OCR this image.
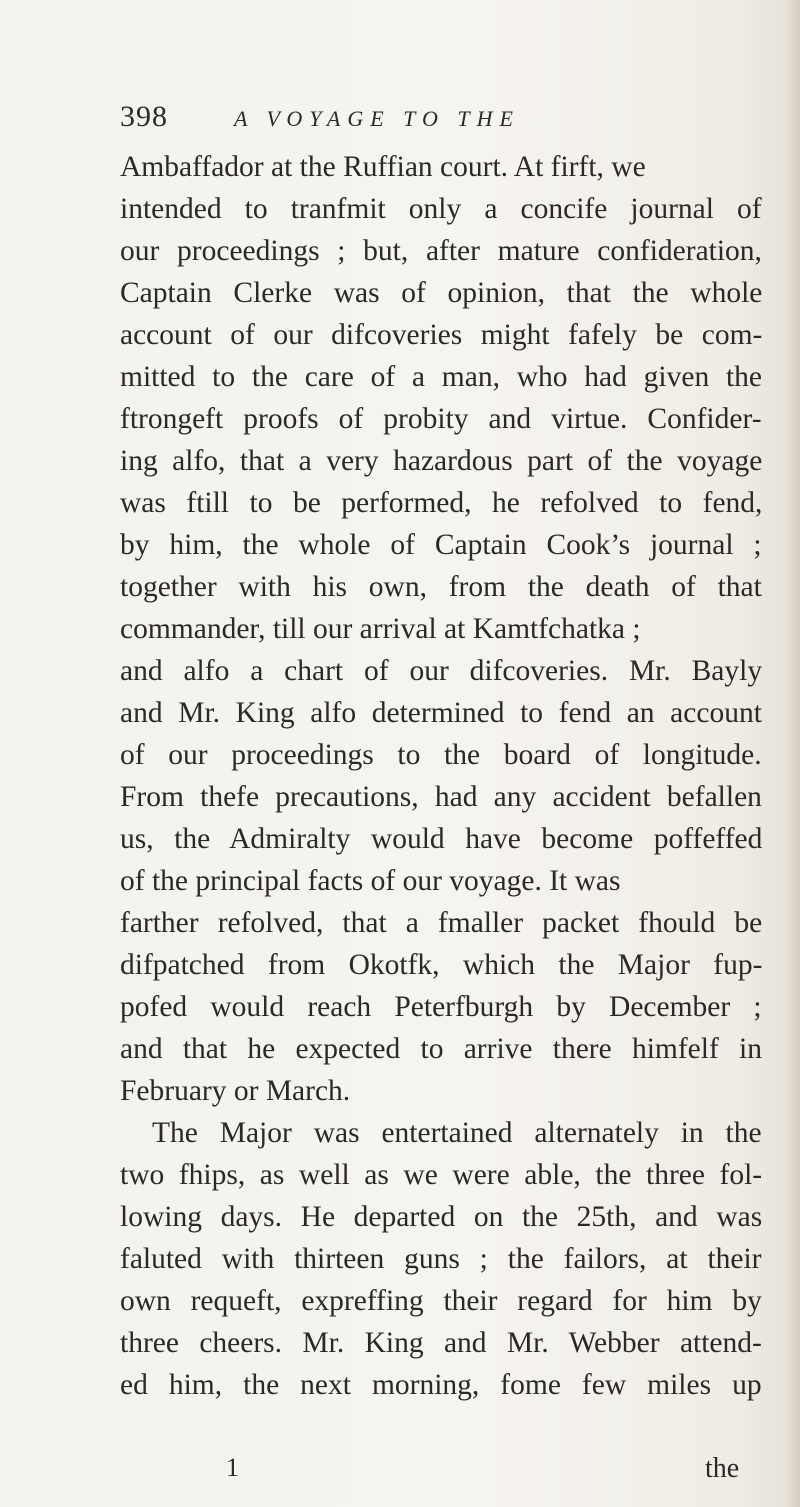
398	A VOYAGE TO THE
Ambaffador at the Ruffian court. At firft, we
intended to tranfmit only a concife journal of
our proceedings ; but, after mature confideration,
Captain Clerke was of opinion, that the whole
account of our difcoveries might fafely be com-
mitted to the care of a man, who had given the
ftrongeft proofs of probity and virtue. Confider-
ing alfo, that a very hazardous part of the voyage
was ftill to be performed, he refolved to fend,
by him, the whole of Captain Cook’s journal ;
together with his own, from the death of that
commander, till our arrival at Kamtfchatka ;
and alfo a chart of our difcoveries. Mr. Bayly
and Mr. King alfo determined to fend an account
of our proceedings to the board of longitude.
From thefe precautions, had any accident befallen
us, the Admiralty would have become poffeffed
of the principal facts of our voyage. It was
farther refolved, that a fmaller packet fhould be
difpatched from Okotfk, which the Major fup-
pofed would reach Peterfburgh by December ;
and that he expected to arrive there himfelf in
February or March.
The Major was entertained alternately in the
two fhips, as well as we were able, the three fol-
lowing days. He departed on the 25th, and was
faluted with thirteen guns ; the failors, at their
own requeft, expreffing their regard for him by
three cheers. Mr. King and Mr. Webber attend-
ed him, the next morning, fome few miles up
1	the
